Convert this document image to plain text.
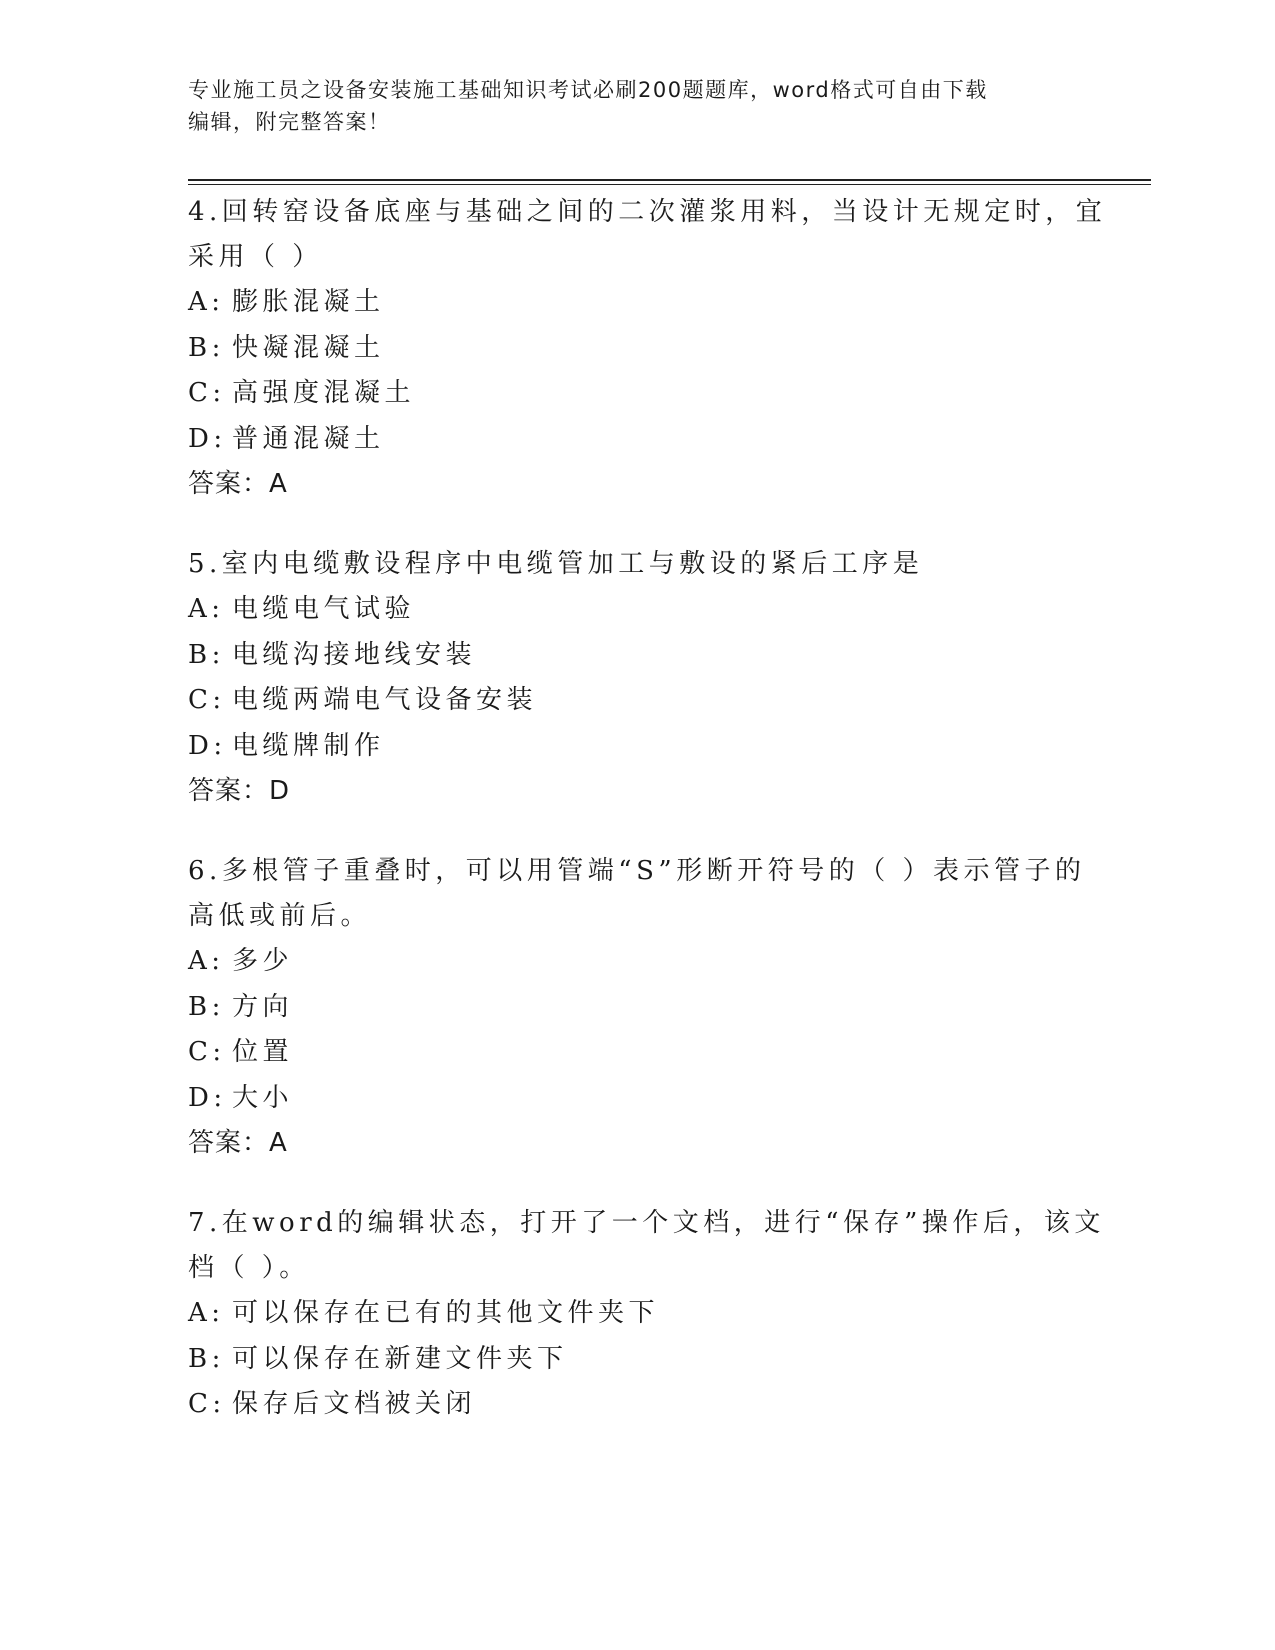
专业施工员之设备安装施工基础知识考试必刷200题题库，word格式可自由下载
编辑，附完整答案！
4.回转窑设备底座与基础之间的二次灌浆用料，当设计无规定时，宜
采用（ ）
A: 膨胀混凝土
B: 快凝混凝土
C: 高强度混凝土
D: 普通混凝土
答案：A
5.室内电缆敷设程序中电缆管加工与敷设的紧后工序是
A: 电缆电气试验
B: 电缆沟接地线安装
C: 电缆两端电气设备安装
D: 电缆牌制作
答案：D
6.多根管子重叠时，可以用管端“S”形断开符号的（ ）表示管子的
高低或前后。
A: 多少
B: 方向
C: 位置
D: 大小
答案：A
7.在word的编辑状态，打开了一个文档，进行“保存”操作后，该文
档（ ）。
A: 可以保存在已有的其他文件夹下
B: 可以保存在新建文件夹下
C: 保存后文档被关闭
